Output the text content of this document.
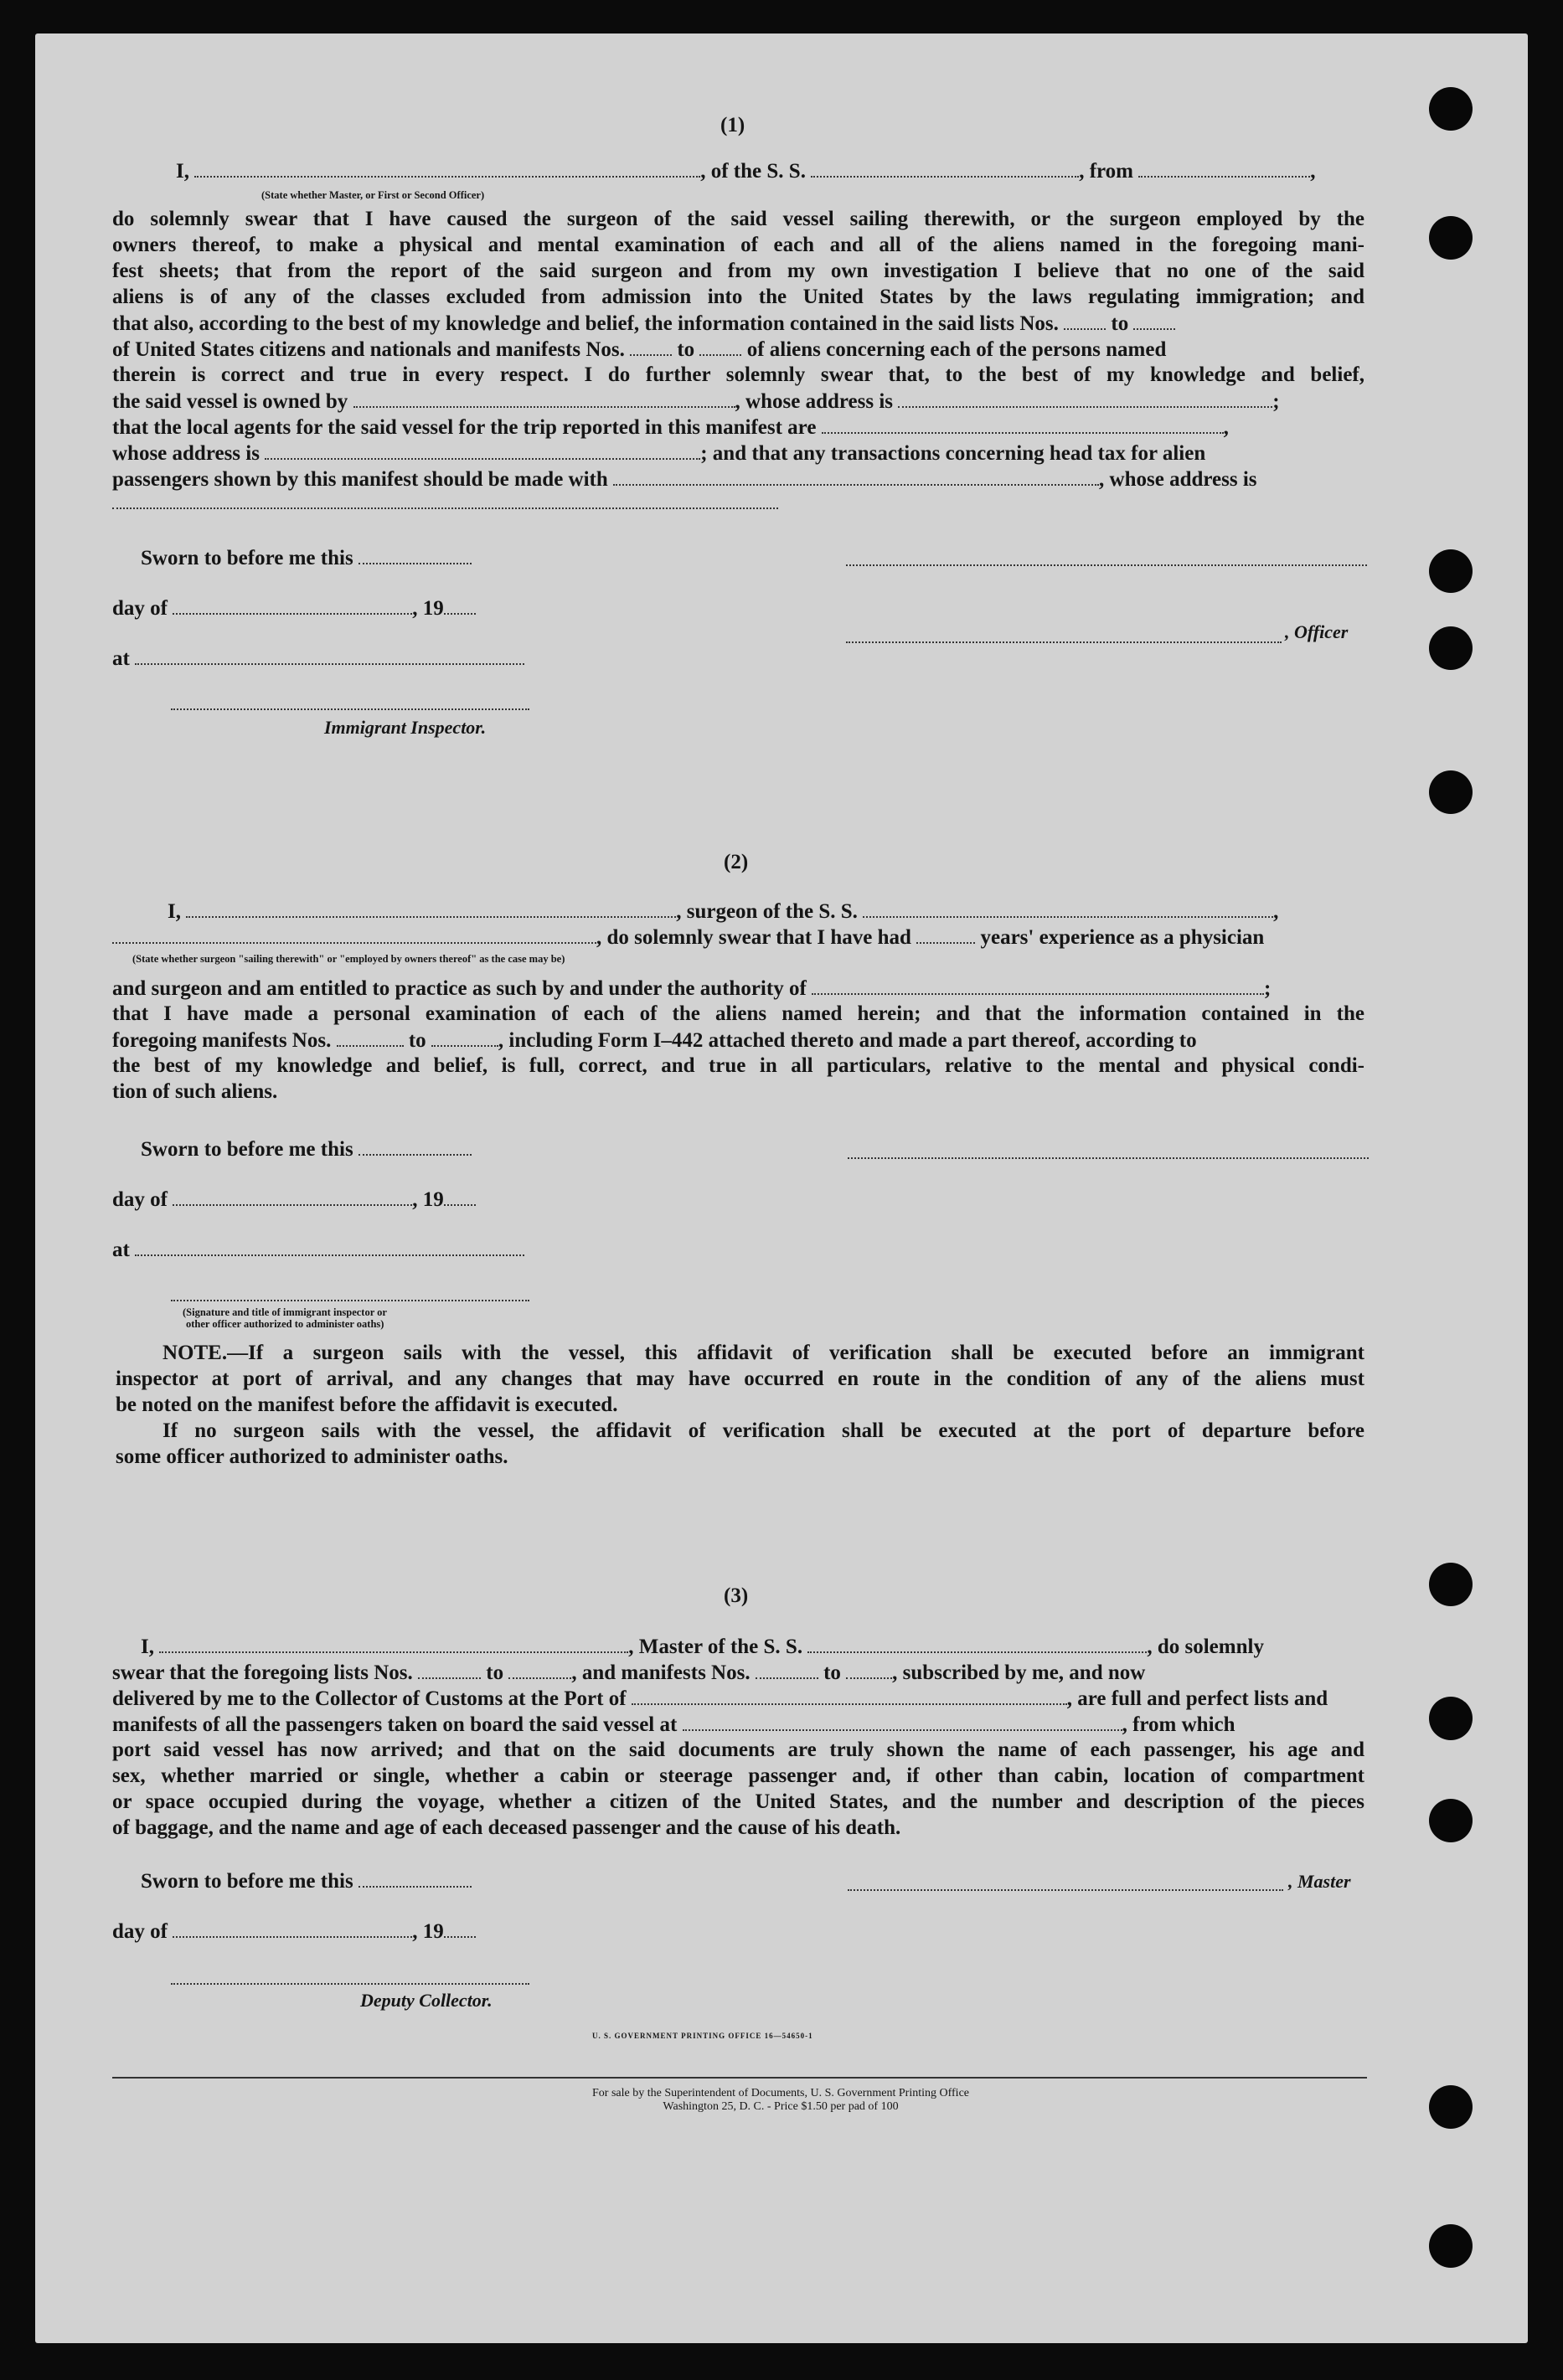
(1)
I,	, of the S. S.	, from	,
(State whether Master, or First or Second Officer)
do solemnly swear that I have caused the surgeon of the said vessel sailing therewith, or the surgeon employed by the
owners thereof, to make a physical and mental examination of each and all of the aliens named in the foregoing mani-
fest sheets; that from the report of the said surgeon and from my own investigation I believe that no one of the said
aliens is of any of the classes excluded from admission into the United States by the laws regulating immigration; and
that also, according to the best of my knowledge and belief, the information contained in the said lists Nos.	to
of United States citizens and nationals and manifests Nos.	to	of aliens concerning each of the persons named
therein is correct and true in every respect. I do further solemnly swear that, to the best of my knowledge and belief,
the said vessel is owned by	, whose address is	;
that the local agents for the said vessel for the trip reported in this manifest are	,
whose address is	; and that any transactions concerning head tax for alien
passengers shown by this manifest should be made with	, whose address is
Sworn to before me this
day of	, 19
at
Immigrant Inspector.
, Officer
(2)
I,	, surgeon of the S. S.	,
, do solemnly swear that I have had	years' experience as a physician
(State whether surgeon "sailing therewith" or "employed by owners thereof" as the case may be)
and surgeon and am entitled to practice as such by and under the authority of	;
that I have made a personal examination of each of the aliens named herein; and that the information contained in the
foregoing manifests Nos.	to	, including Form I–442 attached thereto and made a part thereof, according to
the best of my knowledge and belief, is full, correct, and true in all particulars, relative to the mental and physical condi-
tion of such aliens.
Sworn to before me this
day of	, 19
at
(Signature and title of immigrant inspector or
other officer authorized to administer oaths)
NOTE.—If a surgeon sails with the vessel, this affidavit of verification shall be executed before an immigrant
inspector at port of arrival, and any changes that may have occurred en route in the condition of any of the aliens must
be noted on the manifest before the affidavit is executed.
If no surgeon sails with the vessel, the affidavit of verification shall be executed at the port of departure before
some officer authorized to administer oaths.
(3)
I,	, Master of the S. S.	, do solemnly
swear that the foregoing lists Nos.	to	, and manifests Nos.	to , subscribed by me, and now
delivered by me to the Collector of Customs at the Port of	, are full and perfect lists and
manifests of all the passengers taken on board the said vessel at	, from which
port said vessel has now arrived; and that on the said documents are truly shown the name of each passenger, his age and
sex, whether married or single, whether a cabin or steerage passenger and, if other than cabin, location of compartment
or space occupied during the voyage, whether a citizen of the United States, and the number and description of the pieces
of baggage, and the name and age of each deceased passenger and the cause of his death.
Sworn to before me this	, Master
day of	, 19
Deputy Collector.
U. S. GOVERNMENT PRINTING OFFICE 16—54650-1
For sale by the Superintendent of Documents, U. S. Government Printing Office
Washington 25, D. C. - Price $1.50 per pad of 100
